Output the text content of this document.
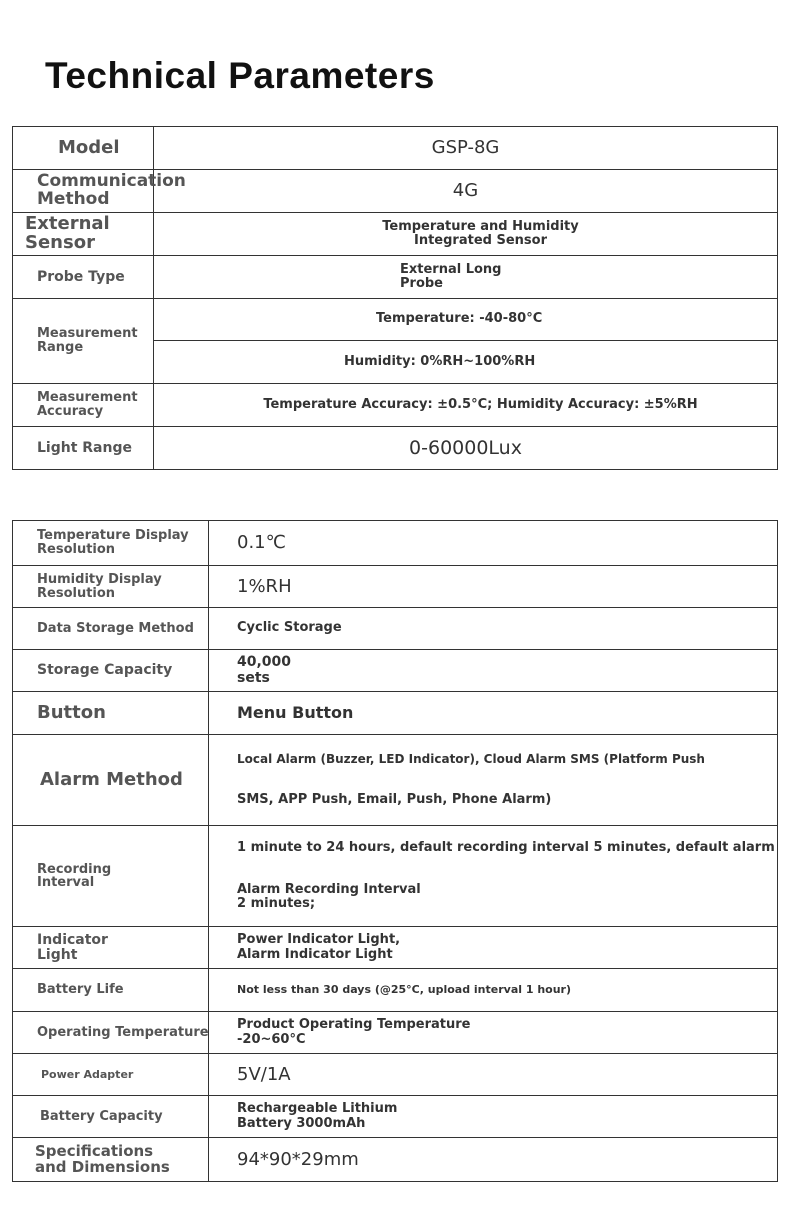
Technical Parameters
Model	GSP-8G

Communication
Method	4G

External
Sensor	Temperature and Humidity
Integrated Sensor

Probe Type	External Long
Probe

Measurement
Range	Temperature: -40-80°C

	Humidity: 0%RH~100%RH

Measurement
Accuracy	Temperature Accuracy: ±0.5°C; Humidity Accuracy: ±5%RH

Light Range	0-60000Lux
Temperature Display
Resolution	0.1℃

Humidity Display
Resolution	1%RH

Data Storage Method	Cyclic Storage

Storage Capacity	40,000
sets

Button	Menu Button

Alarm Method	Local Alarm (Buzzer, LED Indicator), Cloud Alarm SMS (Platform Push

SMS, APP Push, Email, Push, Phone Alarm)

Recording
Interval	1 minute to 24 hours, default recording interval 5 minutes, default alarm

Alarm Recording Interval
2 minutes;

Indicator
Light	Power Indicator Light,
Alarm Indicator Light

Battery Life	Not less than 30 days (@25°C, upload interval 1 hour)

Operating Temperature	Product Operating Temperature
-20~60°C

Power Adapter	5V/1A

Battery Capacity	Rechargeable Lithium
Battery 3000mAh

Specifications
and Dimensions	94*90*29mm
